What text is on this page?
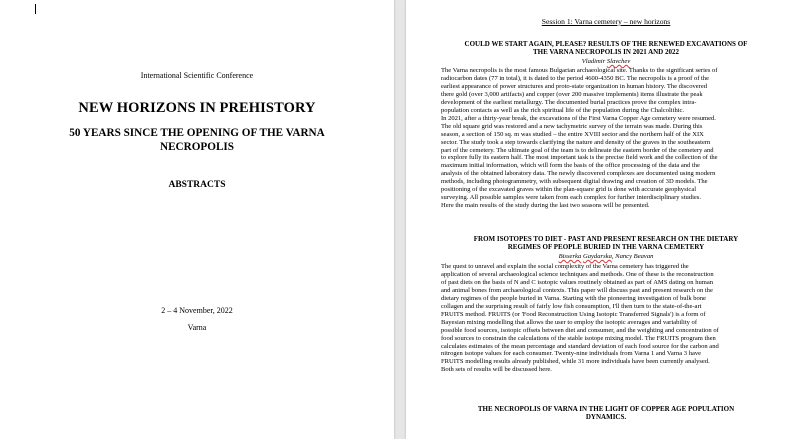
International Scientific Conference
NEW HORIZONS IN PREHISTORY
50 YEARS SINCE THE OPENING OF THE VARNA
NECROPOLIS
ABSTRACTS
2 – 4 November, 2022
Varna
Session 1: Varna cemetery – new horizons
COULD WE START AGAIN, PLEASE? RESULTS OF THE RENEWED EXCAVATIONS OF
THE VARNA NECROPOLIS IN 2021 AND 2022
Vladimir Slavchev
The Varna necropolis is the most famous Bulgarian archaeological site. Thanks to the significant series of
radiocarbon dates (77 in total), it is dated to the period 4600-4350 BC. The necropolis is a proof of the
earliest appearance of power structures and proto-state organization in human history. The discovered
there gold (over 3,000 artifacts) and copper (over 200 massive implements) items illustrate the peak
development of the earliest metallurgy. The documented burial practices prove the complex intra-
population contacts as well as the rich spiritual life of the population during the Chalcolithic.
In 2021, after a thirty-year break, the excavations of the First Varna Copper Age cemetery were resumed.
The old square grid was restored and a new tachymetric survey of the terrain was made. During this
season, a section of 150 sq. m was studied – the entire XVIII sector and the northern half of the XIX
sector. The study took a step towards clarifying the nature and density of the graves in the southeastern
part of the cemetery. The ultimate goal of the team is to delineate the eastern border of the cemetery and
to explore fully its eastern half. The most important task is the precise field work and the collection of the
maximum initial information, which will form the basis of the office processing of the data and the
analysis of the obtained laboratory data. The newly discovered complexes are documented using modern
methods, including photogrammetry, with subsequent digital drawing and creation of 3D models. The
positioning of the excavated graves within the plan-square grid is done with accurate geophysical
surveying. All possible samples were taken from each complex for further interdisciplinary studies.
Here the main results of the study during the last two seasons will be presented.
FROM ISOTOPES TO DIET - PAST AND PRESENT RESEARCH ON THE DIETARY
REGIMES OF PEOPLE BURIED IN THE VARNA CEMETERY
Bisserka Gaydarska, Nancy Beavan
The quest to unravel and explain the social complexity of the Varna cemetery has triggered the
application of several archaeological science techniques and methods. One of these is the reconstruction
of past diets on the basis of N and C isotopic values routinely obtained as part of AMS dating on human
and animal bones from archaeological contexts. This paper will discuss past and present research on the
dietary regimes of the people buried in Varna. Starting with the pioneering investigation of bulk bone
collagen and the surprising result of fairly low fish consumption, I'll then turn to the state-of-the-art
FRUITS method. FRUITS (or 'Food Reconstruction Using Isotopic Transferred Signals') is a form of
Bayesian mixing modelling that allows the user to employ the isotopic averages and variability of
possible food sources, isotopic offsets between diet and consumer, and the weighting and concentration of
food sources to constrain the calculations of the stable isotope mixing model. The FRUITS program then
calculates estimates of the mean percentage and standard deviation of each food source for the carbon and
nitrogen isotope values for each consumer. Twenty-nine individuals from Varna 1 and Varna 3 have
FRUITS modelling results already published, while 31 more individuals have been currently analysed.
Both sets of results will be discussed here.
THE NECROPOLIS OF VARNA IN THE LIGHT OF COPPER AGE POPULATION
DYNAMICS.
